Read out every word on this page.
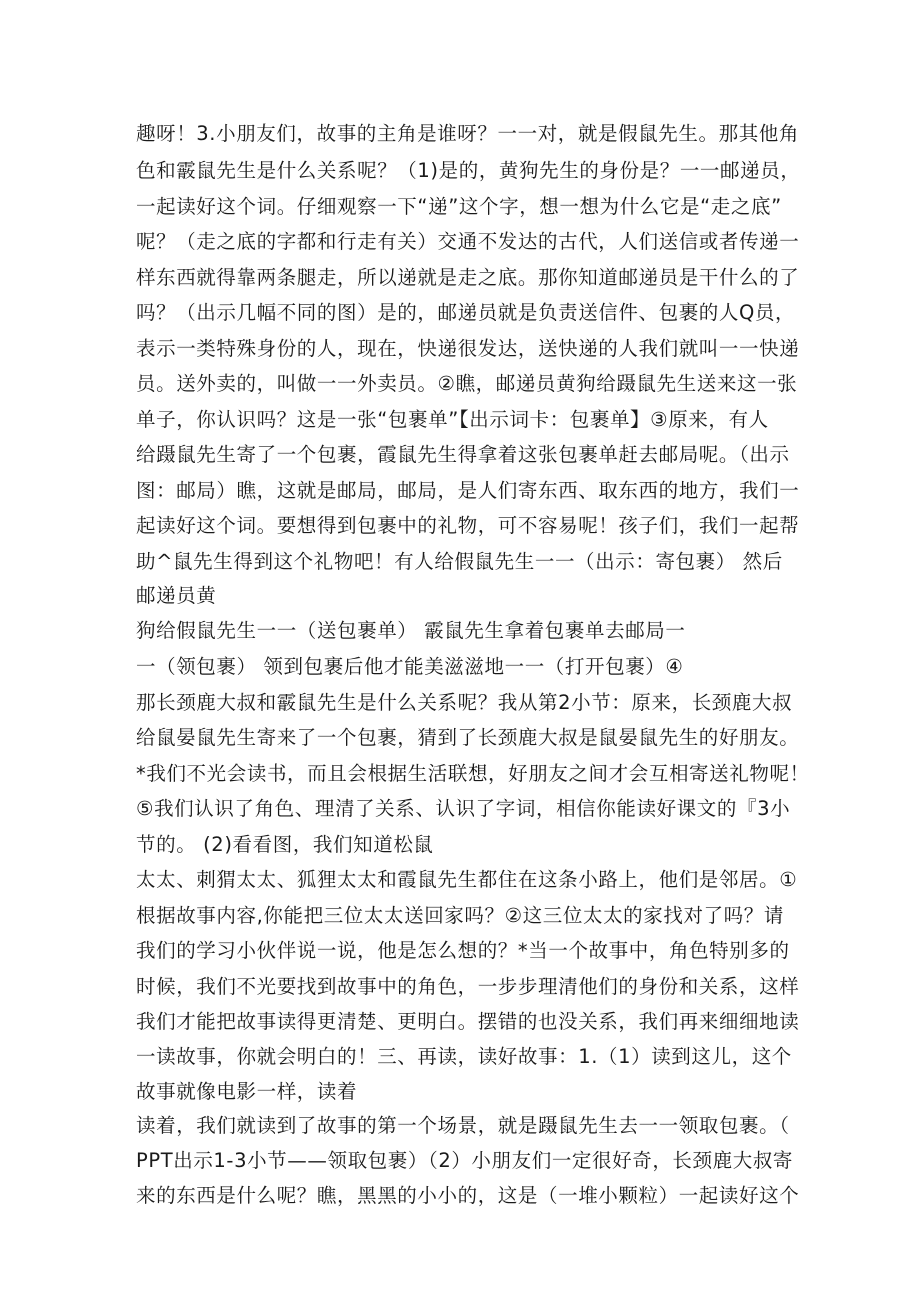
趣呀！3.小朋友们，故事的主角是谁呀？一一对，就是假鼠先生。那其他角
色和霰鼠先生是什么关系呢？（1)是的，黄狗先生的身份是？一一邮递员，
一起读好这个词。仔细观察一下“递”这个字，想一想为什么它是“走之底”
呢？（走之底的字都和行走有关）交通不发达的古代，人们送信或者传递一
样东西就得靠两条腿走，所以递就是走之底。那你知道邮递员是干什么的了
吗？（出示几幅不同的图）是的，邮递员就是负责送信件、包裹的人Q员，
表示一类特殊身份的人，现在，快递很发达，送快递的人我们就叫一一快递
员。送外卖的，叫做一一外卖员。②瞧，邮递员黄狗给蹑鼠先生送来这一张
单子，你认识吗？这是一张“包裹单”【出示词卡：包裹单】③原来，有人
给蹑鼠先生寄了一个包裹，霞鼠先生得拿着这张包裹单赶去邮局呢。（出示
图：邮局）瞧，这就是邮局，邮局，是人们寄东西、取东西的地方，我们一
起读好这个词。要想得到包裹中的礼物，可不容易呢！孩子们，我们一起帮
助^鼠先生得到这个礼物吧！有人给假鼠先生一一（出示：寄包裹） 然后
邮递员黄
狗给假鼠先生一一（送包裹单） 霰鼠先生拿着包裹单去邮局一
一（领包裹） 领到包裹后他才能美滋滋地一一（打开包裹）④
那长颈鹿大叔和霰鼠先生是什么关系呢？我从第2小节：原来，长颈鹿大叔
给鼠晏鼠先生寄来了一个包裹，猜到了长颈鹿大叔是鼠晏鼠先生的好朋友。
*我们不光会读书，而且会根据生活联想，好朋友之间才会互相寄送礼物呢！
⑤我们认识了角色、理清了关系、认识了字词，相信你能读好课文的『3小
节的。 (2)看看图，我们知道松鼠
太太、刺猬太太、狐狸太太和霞鼠先生都住在这条小路上，他们是邻居。①
根据故事内容,你能把三位太太送回家吗？②这三位太太的家找对了吗？请
我们的学习小伙伴说一说，他是怎么想的？*当一个故事中，角色特别多的
时候，我们不光要找到故事中的角色，一步步理清他们的身份和关系，这样
我们才能把故事读得更清楚、更明白。摆错的也没关系，我们再来细细地读
一读故事，你就会明白的！三、再读，读好故事：1.（1）读到这儿，这个
故事就像电影一样，读着
读着，我们就读到了故事的第一个场景，就是蹑鼠先生去一一领取包裹。（
PPT出示1-3小节——领取包裹）（2）小朋友们一定很好奇，长颈鹿大叔寄
来的东西是什么呢？瞧，黑黑的小小的，这是（一堆小颗粒）一起读好这个
